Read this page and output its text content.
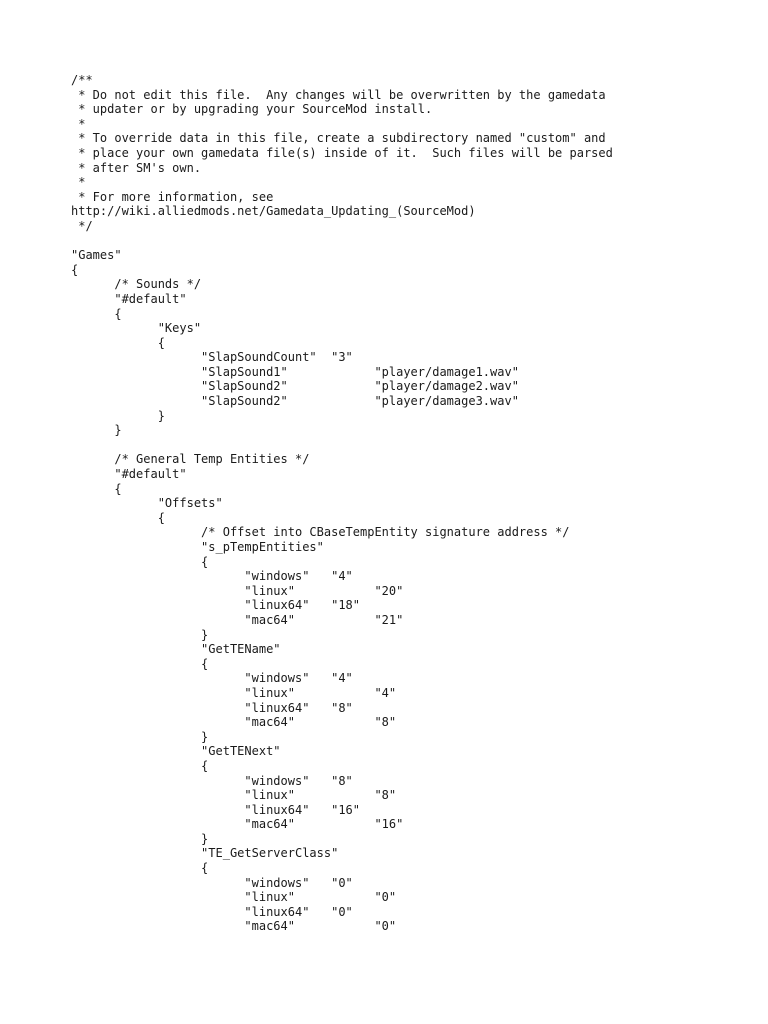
/**
* Do not edit this file.  Any changes will be overwritten by the gamedata
* updater or by upgrading your SourceMod install.
*
* To override data in this file, create a subdirectory named "custom" and
* place your own gamedata file(s) inside of it.  Such files will be parsed
* after SM's own.
*
* For more information, see
http://wiki.alliedmods.net/Gamedata_Updating_(SourceMod)
*/
"Games"
{
	/* Sounds */
	"#default"
	{
		"Keys"
		{
			"SlapSoundCount"  "3"
			"SlapSound1"		"player/damage1.wav"
			"SlapSound2"		"player/damage2.wav"
			"SlapSound2"		"player/damage3.wav"
		}
	}
	/* General Temp Entities */
	"#default"
	{
		"Offsets"
		{
			/* Offset into CBaseTempEntity signature address */
			"s_pTempEntities"
			{
				"windows"	"4"
				"linux"		"20"
				"linux64"	"18"
				"mac64"		"21"
			}
			"GetTEName"
			{
				"windows"	"4"
				"linux"		"4"
				"linux64"	"8"
				"mac64"		"8"
			}
			"GetTENext"
			{
				"windows"	"8"
				"linux"		"8"
				"linux64"	"16"
				"mac64"		"16"
			}
			"TE_GetServerClass"
			{
				"windows"	"0"
				"linux"		"0"
				"linux64"	"0"
				"mac64"		"0"
